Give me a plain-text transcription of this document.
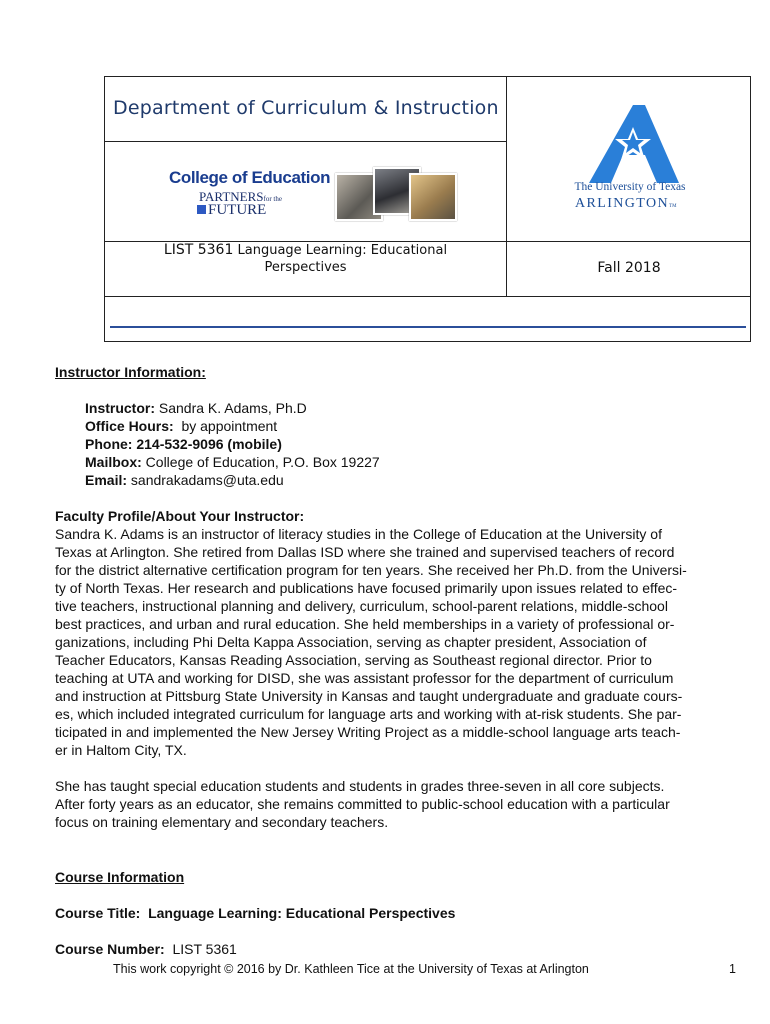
Department of Curriculum & Instruction
College of Education
PARTNERSfor the
FUTURE
The University of Texas
ARLINGTONTM
LIST 5361 Language Learning: Educational
Perspectives	Fall 2018
Instructor Information:
Instructor: Sandra K. Adams, Ph.D
Office Hours: by appointment
Phone: 214-532-9096 (mobile)
Mailbox: College of Education, P.O. Box 19227
Email: sandrakadams@uta.edu
Faculty Profile/About Your Instructor:
Sandra K. Adams is an instructor of literacy studies in the College of Education at the University of
Texas at Arlington. She retired from Dallas ISD where she trained and supervised teachers of record
for the district alternative certification program for ten years. She received her Ph.D. from the Universi-
ty of North Texas. Her research and publications have focused primarily upon issues related to effec-
tive teachers, instructional planning and delivery, curriculum, school-parent relations, middle-school
best practices, and urban and rural education. She held memberships in a variety of professional or-
ganizations, including Phi Delta Kappa Association, serving as chapter president, Association of
Teacher Educators, Kansas Reading Association, serving as Southeast regional director. Prior to
teaching at UTA and working for DISD, she was assistant professor for the department of curriculum
and instruction at Pittsburg State University in Kansas and taught undergraduate and graduate cours-
es, which included integrated curriculum for language arts and working with at-risk students. She par-
ticipated in and implemented the New Jersey Writing Project as a middle-school language arts teach-
er in Haltom City, TX.
She has taught special education students and students in grades three-seven in all core subjects.
After forty years as an educator, she remains committed to public-school education with a particular
focus on training elementary and secondary teachers.
Course Information
Course Title: Language Learning: Educational Perspectives
Course Number: LIST 5361
This work copyright © 2016 by Dr. Kathleen Tice at the University of Texas at Arlington	1
